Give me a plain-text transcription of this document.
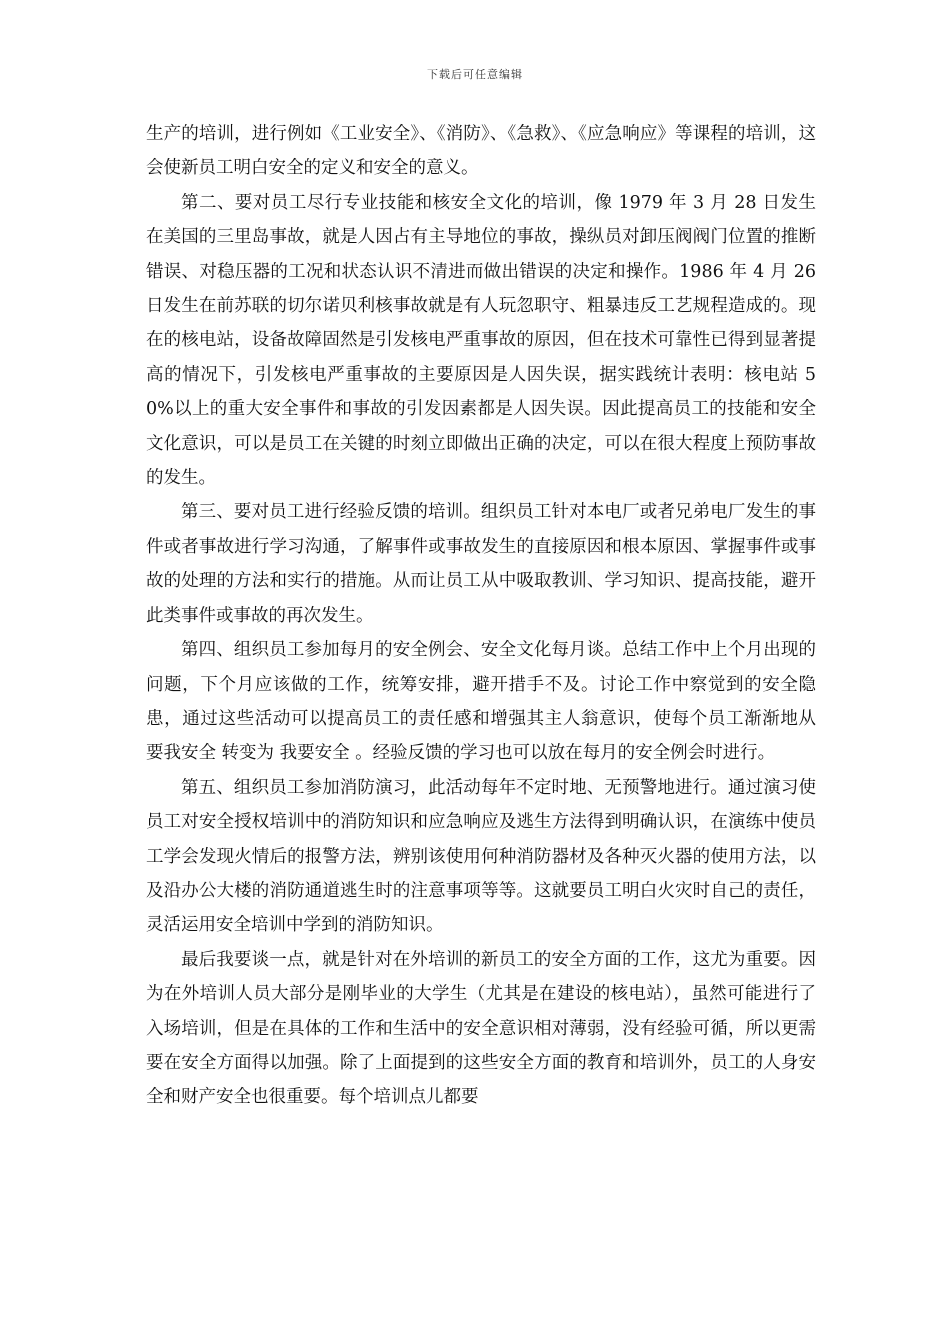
下载后可任意编辑

生产的培训，进行例如《工业安全》、《消防》、《急救》、《应急响应》等课程的培训，这会使新员工明白安全的定义和安全的意义。

第二、要对员工尽行专业技能和核安全文化的培训，像 1979 年 3 月 28 日发生在美国的三里岛事故，就是人因占有主导地位的事故，操纵员对卸压阀阀门位置的推断错误、对稳压器的工况和状态认识不清进而做出错误的决定和操作。1986 年 4 月 26 日发生在前苏联的切尔诺贝利核事故就是有人玩忽职守、粗暴违反工艺规程造成的。现在的核电站，设备故障固然是引发核电严重事故的原因，但在技术可靠性已得到显著提高的情况下，引发核电严重事故的主要原因是人因失误，据实践统计表明：核电站 50%以上的重大安全事件和事故的引发因素都是人因失误。因此提高员工的技能和安全文化意识，可以是员工在关键的时刻立即做出正确的决定，可以在很大程度上预防事故的发生。

第三、要对员工进行经验反馈的培训。组织员工针对本电厂或者兄弟电厂发生的事件或者事故进行学习沟通，了解事件或事故发生的直接原因和根本原因、掌握事件或事故的处理的方法和实行的措施。从而让员工从中吸取教训、学习知识、提高技能，避开此类事件或事故的再次发生。

第四、组织员工参加每月的安全例会、安全文化每月谈。总结工作中上个月出现的问题，下个月应该做的工作，统筹安排，避开措手不及。讨论工作中察觉到的安全隐患，通过这些活动可以提高员工的责任感和增强其主人翁意识，使每个员工渐渐地从 要我安全 转变为 我要安全 。经验反馈的学习也可以放在每月的安全例会时进行。

第五、组织员工参加消防演习，此活动每年不定时地、无预警地进行。通过演习使员工对安全授权培训中的消防知识和应急响应及逃生方法得到明确认识，在演练中使员工学会发现火情后的报警方法，辨别该使用何种消防器材及各种灭火器的使用方法，以及沿办公大楼的消防通道逃生时的注意事项等等。这就要员工明白火灾时自己的责任，灵活运用安全培训中学到的消防知识。

最后我要谈一点，就是针对在外培训的新员工的安全方面的工作，这尤为重要。因为在外培训人员大部分是刚毕业的大学生（尤其是在建设的核电站），虽然可能进行了入场培训，但是在具体的工作和生活中的安全意识相对薄弱，没有经验可循，所以更需要在安全方面得以加强。除了上面提到的这些安全方面的教育和培训外，员工的人身安全和财产安全也很重要。每个培训点儿都要
